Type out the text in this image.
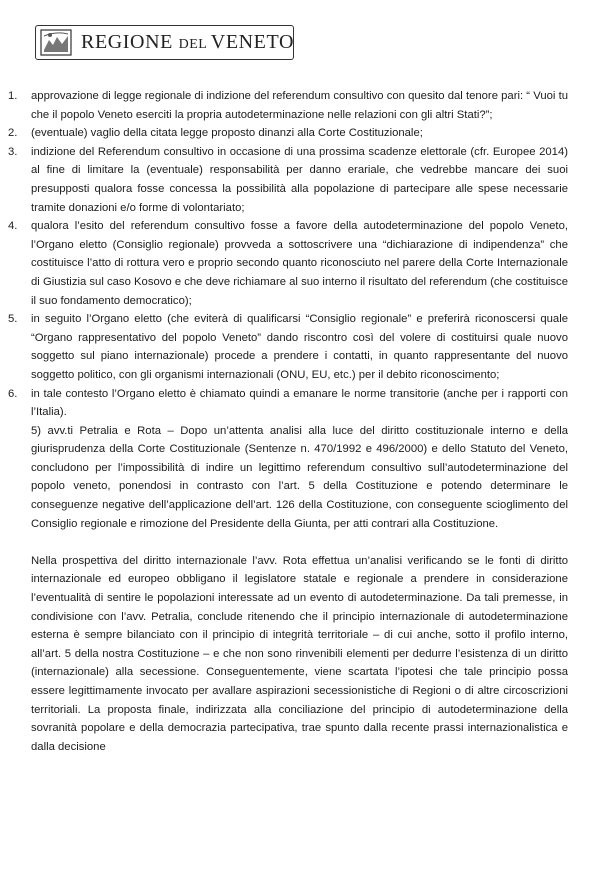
REGIONE DEL VENETO
1.	approvazione di legge regionale di indizione del referendum consultivo con quesito dal tenore pari: “ Vuoi tu che il popolo Veneto eserciti la propria autodeterminazione nelle relazioni con gli altri Stati?”;
2.	(eventuale) vaglio della citata legge proposto dinanzi alla Corte Costituzionale;
3.	indizione del Referendum consultivo in occasione di una prossima scadenze elettorale (cfr. Europee 2014) al fine di limitare la (eventuale) responsabilità per danno erariale, che vedrebbe mancare dei suoi presupposti qualora fosse concessa la possibilità alla popolazione di partecipare alle spese necessarie tramite donazioni e/o forme di volontariato;
4.	qualora l’esito del referendum consultivo fosse a favore della autodeterminazione del popolo Veneto, l’Organo eletto (Consiglio regionale) provveda a sottoscrivere una “dichiarazione di indipendenza” che costituisce l’atto di rottura vero e proprio secondo quanto riconosciuto nel parere della Corte Internazionale di Giustizia sul caso Kosovo e che deve richiamare al suo interno il risultato del referendum (che costituisce il suo fondamento democratico);
5.	in seguito l’Organo eletto (che eviterà di qualificarsi “Consiglio regionale” e preferirà riconoscersi quale “Organo rappresentativo del popolo Veneto” dando riscontro così del volere di costituirsi quale nuovo soggetto sul piano internazionale) procede a prendere i contatti, in quanto rappresentante del nuovo soggetto politico, con gli organismi internazionali (ONU, EU, etc.) per il debito riconoscimento;
6.	in tale contesto l’Organo eletto è chiamato quindi a emanare le norme transitorie (anche per i rapporti con l’Italia).
5) avv.ti Petralia e Rota – Dopo un’attenta analisi alla luce del diritto costituzionale interno e della giurisprudenza della Corte Costituzionale (Sentenze n. 470/1992 e 496/2000) e dello Statuto del Veneto, concludono per l’impossibilità di indire un legittimo referendum consultivo sull’autodeterminazione del popolo veneto, ponendosi in contrasto con l’art. 5 della Costituzione e potendo determinare le conseguenze negative dell’applicazione dell’art. 126 della Costituzione, con conseguente scioglimento del Consiglio regionale e rimozione del Presidente della Giunta, per atti contrari alla Costituzione.
Nella prospettiva del diritto internazionale l’avv. Rota effettua un’analisi verificando se le fonti di diritto internazionale ed europeo obbligano il legislatore statale e regionale a prendere in considerazione l’eventualità di sentire le popolazioni interessate ad un evento di autodeterminazione. Da tali premesse, in condivisione con l’avv. Petralia, conclude ritenendo che il principio internazionale di autodeterminazione esterna è sempre bilanciato con il principio di integrità territoriale – di cui anche, sotto il profilo interno, all’art. 5 della nostra Costituzione – e che non sono rinvenibili elementi per dedurre l’esistenza di un diritto (internazionale) alla secessione. Conseguentemente, viene scartata l’ipotesi che tale principio possa essere legittimamente invocato per avallare aspirazioni secessionistiche di Regioni o di altre circoscrizioni territoriali. La proposta finale, indirizzata alla conciliazione del principio di autodeterminazione della sovranità popolare e della democrazia partecipativa, trae spunto dalla recente prassi internazionalistica e dalla decisione
